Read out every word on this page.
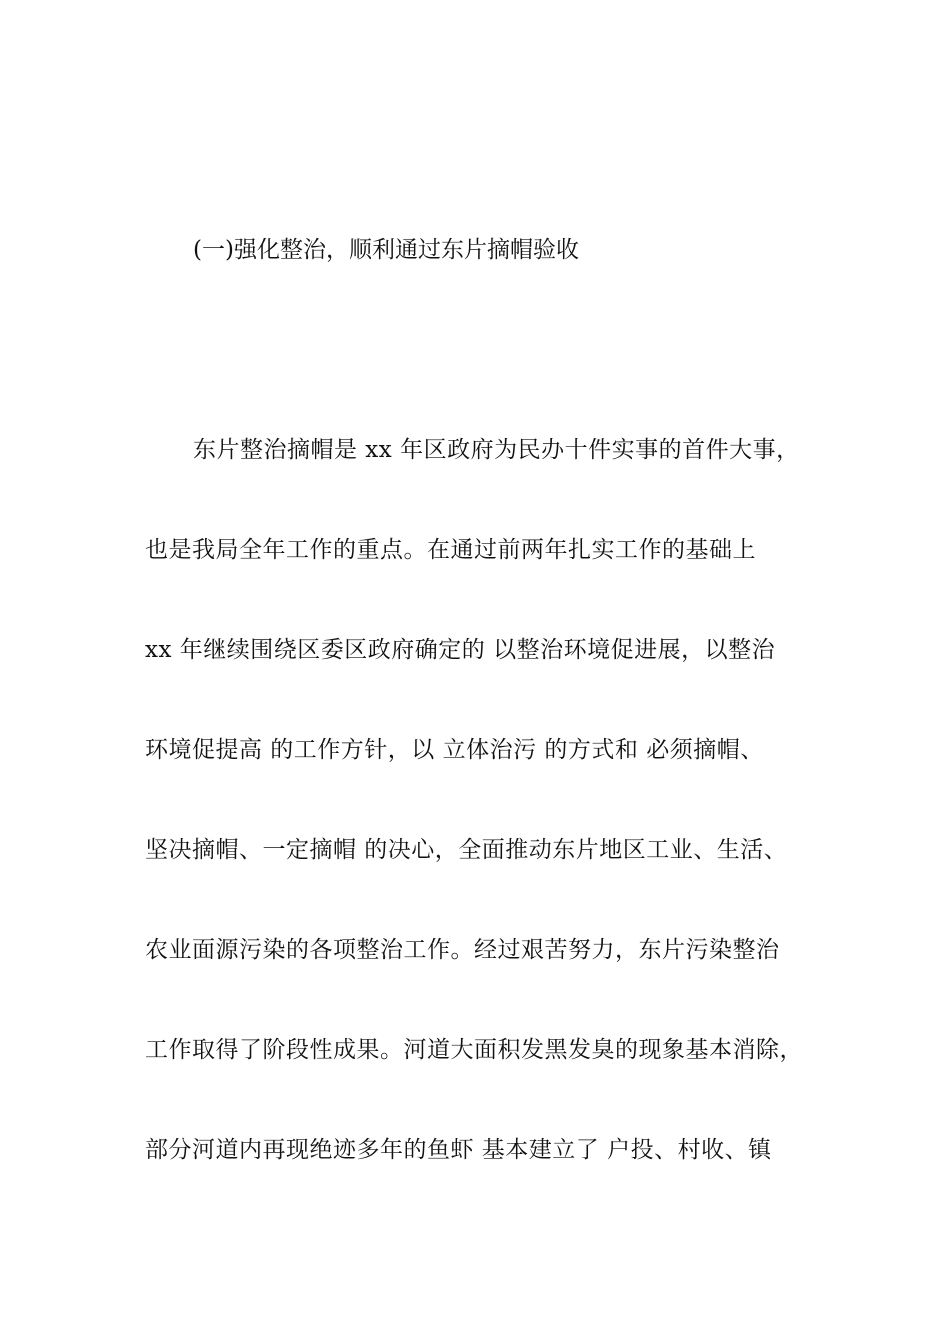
(一)强化整治，顺利通过东片摘帽验收

东片整治摘帽是 xx 年区政府为民办十件实事的首件大事，

也是我局全年工作的重点。在通过前两年扎实工作的基础上

xx 年继续围绕区委区政府确定的 以整治环境促进展，以整治

环境促提高 的工作方针，以 立体治污 的方式和 必须摘帽、

坚决摘帽、一定摘帽 的决心，全面推动东片地区工业、生活、

农业面源污染的各项整治工作。经过艰苦努力，东片污染整治

工作取得了阶段性成果。河道大面积发黑发臭的现象基本消除，

部分河道内再现绝迹多年的鱼虾 基本建立了 户投、村收、镇
